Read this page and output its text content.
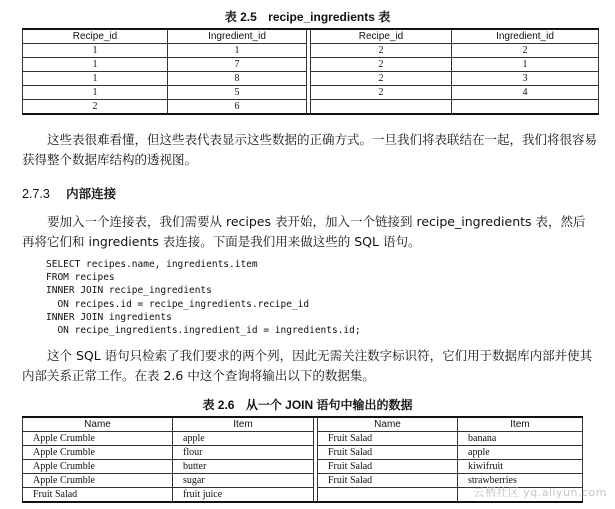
表 2.5 recipe_ingredients 表
Recipe_id	Ingredient_id		Recipe_id	Ingredient_id
1	1		2	2
1	7		2	1
1	8		2	3
1	5		2	4
2	6			
这些表很难看懂，但这些表代表显示这些数据的正确方式。一旦我们将表联结在一起，我们将很容易获得整个数据库结构的透视图。
2.7.3 内部连接
要加入一个连接表，我们需要从 recipes 表开始，加入一个链接到 recipe_ingredients 表，然后再将它们和 ingredients 表连接。下面是我们用来做这些的 SQL 语句。
SELECT recipes.name, ingredients.item
FROM recipes
INNER JOIN recipe_ingredients
ON recipes.id = recipe_ingredients.recipe_id
INNER JOIN ingredients
ON recipe_ingredients.ingredient_id = ingredients.id;
这个 SQL 语句只检索了我们要求的两个列，因此无需关注数字标识符，它们用于数据库内部并使其内部关系正常工作。在表 2.6 中这个查询将输出以下的数据集。
表 2.6 从一个 JOIN 语句中输出的数据
Name	Item		Name	Item
Apple Crumble	apple		Fruit Salad	banana
Apple Crumble	flour		Fruit Salad	apple
Apple Crumble	butter		Fruit Salad	kiwifruit
Apple Crumble	sugar		Fruit Salad	strawberries
Fruit Salad	fruit juice				云栖社区 yq.aliyun.com
